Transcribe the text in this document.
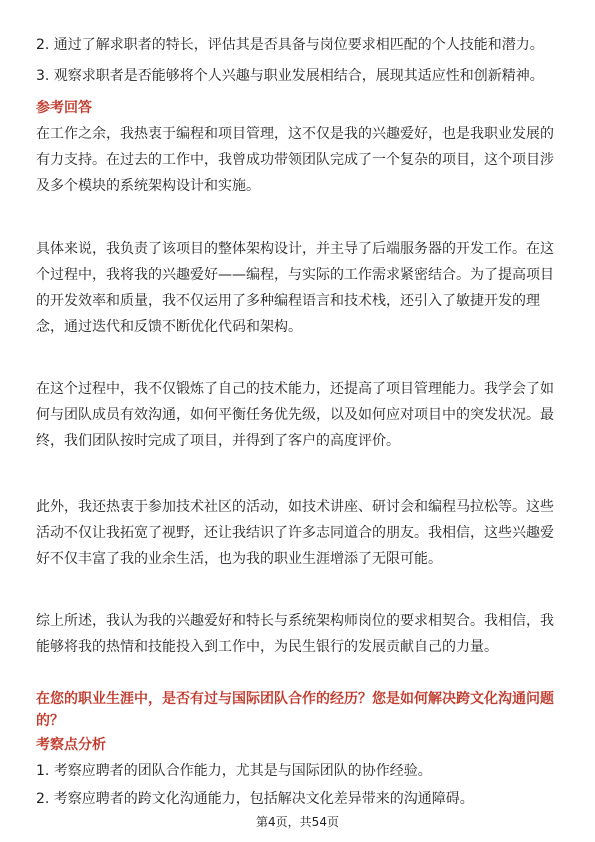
2. 通过了解求职者的特长，评估其是否具备与岗位要求相匹配的个人技能和潜力。

3. 观察求职者是否能够将个人兴趣与职业发展相结合，展现其适应性和创新精神。

参考回答

在工作之余，我热衷于编程和项目管理，这不仅是我的兴趣爱好，也是我职业发展的有力支持。在过去的工作中，我曾成功带领团队完成了一个复杂的项目，这个项目涉及多个模块的系统架构设计和实施。

具体来说，我负责了该项目的整体架构设计，并主导了后端服务器的开发工作。在这个过程中，我将我的兴趣爱好——编程，与实际的工作需求紧密结合。为了提高项目的开发效率和质量，我不仅运用了多种编程语言和技术栈，还引入了敏捷开发的理念，通过迭代和反馈不断优化代码和架构。

在这个过程中，我不仅锻炼了自己的技术能力，还提高了项目管理能力。我学会了如何与团队成员有效沟通，如何平衡任务优先级，以及如何应对项目中的突发状况。最终，我们团队按时完成了项目，并得到了客户的高度评价。

此外，我还热衷于参加技术社区的活动，如技术讲座、研讨会和编程马拉松等。这些活动不仅让我拓宽了视野，还让我结识了许多志同道合的朋友。我相信，这些兴趣爱好不仅丰富了我的业余生活，也为我的职业生涯增添了无限可能。

综上所述，我认为我的兴趣爱好和特长与系统架构师岗位的要求相契合。我相信，我能够将我的热情和技能投入到工作中，为民生银行的发展贡献自己的力量。

在您的职业生涯中，是否有过与国际团队合作的经历？您是如何解决跨文化沟通问题的？

考察点分析

1. 考察应聘者的团队合作能力，尤其是与国际团队的协作经验。

2. 考察应聘者的跨文化沟通能力，包括解决文化差异带来的沟通障碍。

第4页，共54页
